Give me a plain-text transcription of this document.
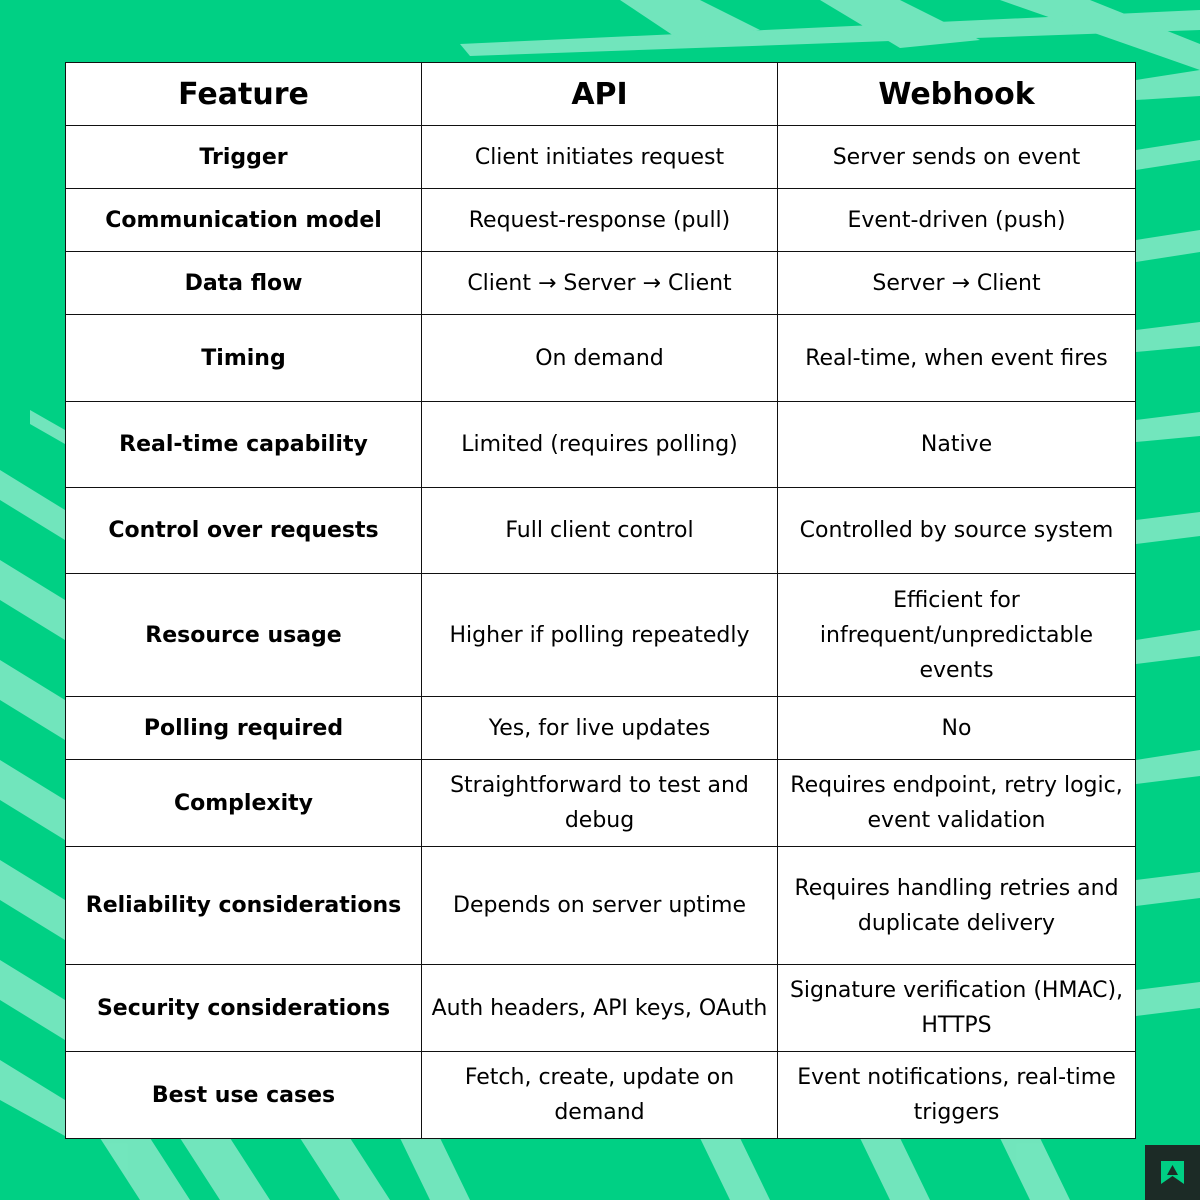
Feature	API	Webhook
Trigger	Client initiates request	Server sends on event
Communication model	Request-response (pull)	Event-driven (push)
Data flow	Client → Server → Client	Server → Client
Timing	On demand	Real-time, when event fires
Real-time capability	Limited (requires polling)	Native
Control over requests	Full client control	Controlled by source system
Resource usage	Higher if polling repeatedly	Efficient for infrequent/unpredictable events
Polling required	Yes, for live updates	No
Complexity	Straightforward to test and debug	Requires endpoint, retry logic, event validation
Reliability considerations	Depends on server uptime	Requires handling retries and duplicate delivery
Security considerations	Auth headers, API keys, OAuth	Signature verification (HMAC), HTTPS
Best use cases	Fetch, create, update on demand	Event notifications, real-time triggers
